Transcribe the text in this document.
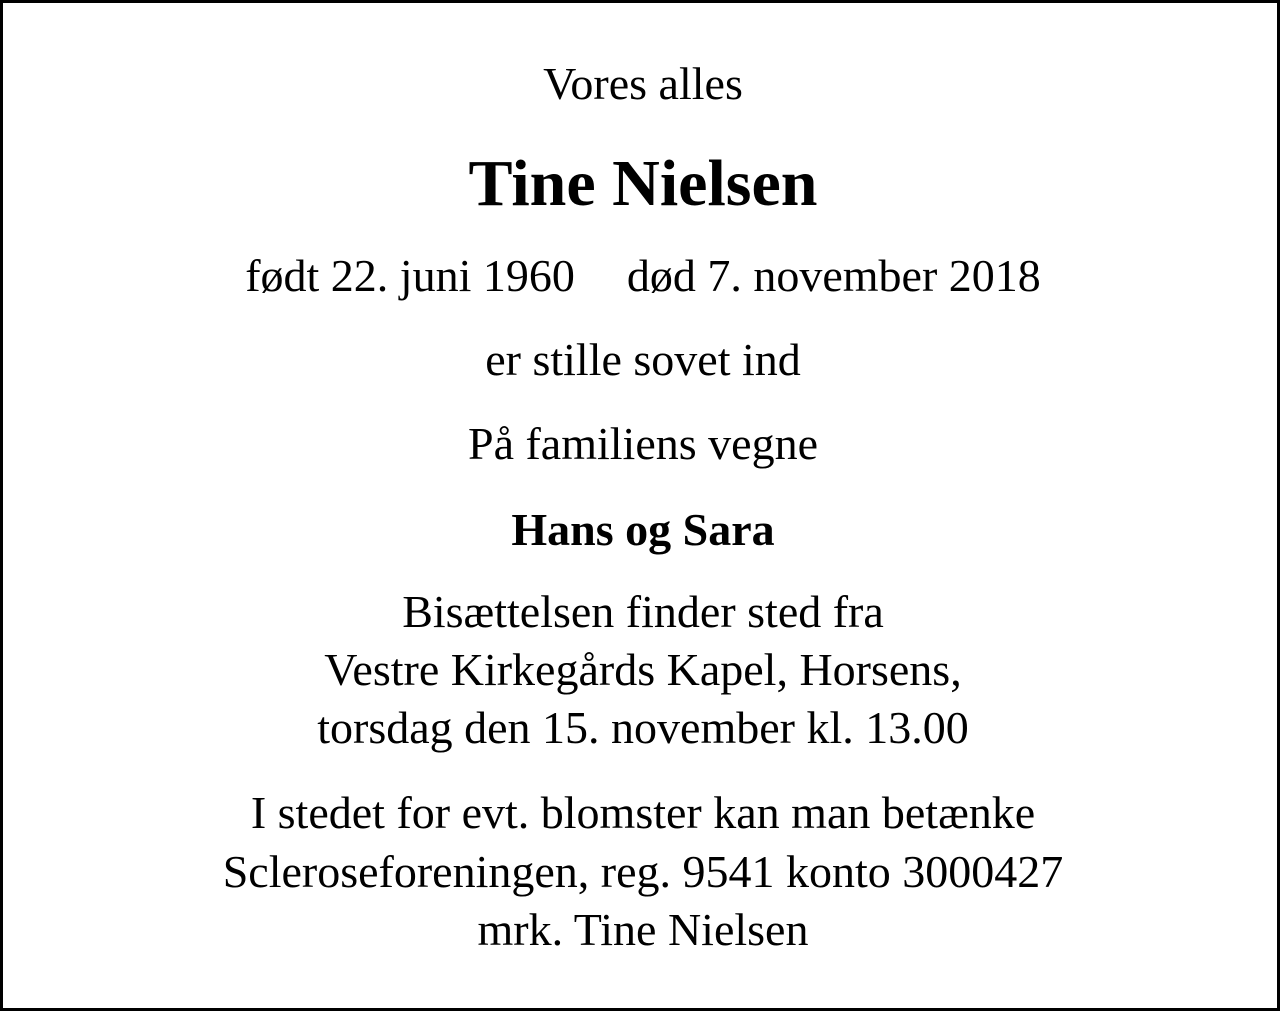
Vores alles
Tine Nielsen
født 22. juni 1960 død 7. november 2018
er stille sovet ind
På familiens vegne
Hans og Sara
Bisættelsen finder sted fra
Vestre Kirkegårds Kapel, Horsens,
torsdag den 15. november kl. 13.00
I stedet for evt. blomster kan man betænke
Scleroseforeningen, reg. 9541 konto 3000427
mrk. Tine Nielsen
